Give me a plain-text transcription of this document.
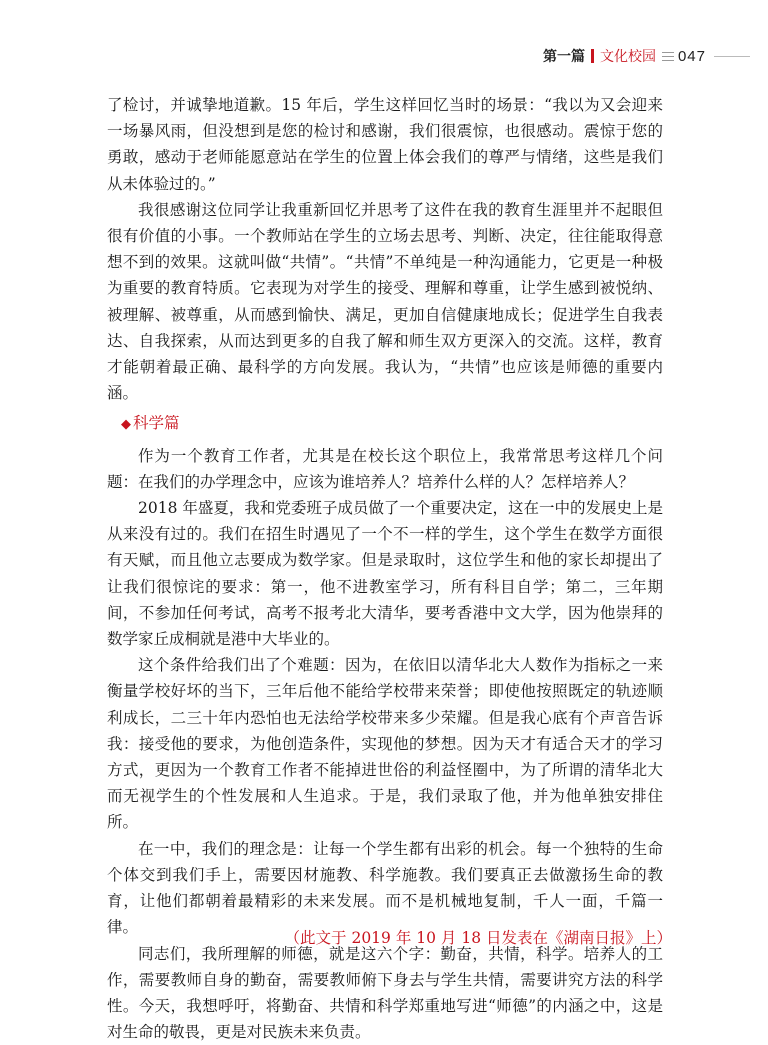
第一篇 文化校园 047

了检讨，并诚挚地道歉。15 年后，学生这样回忆当时的场景：“我以为又会迎来一场暴风雨，但没想到是您的检讨和感谢，我们很震惊，也很感动。震惊于您的勇敢，感动于老师能愿意站在学生的位置上体会我们的尊严与情绪，这些是我们从未体验过的。”

我很感谢这位同学让我重新回忆并思考了这件在我的教育生涯里并不起眼但很有价值的小事。一个教师站在学生的立场去思考、判断、决定，往往能取得意想不到的效果。这就叫做“共情”。“共情”不单纯是一种沟通能力，它更是一种极为重要的教育特质。它表现为对学生的接受、理解和尊重，让学生感到被悦纳、被理解、被尊重，从而感到愉快、满足，更加自信健康地成长；促进学生自我表达、自我探索，从而达到更多的自我了解和师生双方更深入的交流。这样，教育才能朝着最正确、最科学的方向发展。我认为，“共情”也应该是师德的重要内涵。

◆ 科学篇

作为一个教育工作者，尤其是在校长这个职位上，我常常思考这样几个问题：在我们的办学理念中，应该为谁培养人？培养什么样的人？怎样培养人？

2018 年盛夏，我和党委班子成员做了一个重要决定，这在一中的发展史上是从来没有过的。我们在招生时遇见了一个不一样的学生，这个学生在数学方面很有天赋，而且他立志要成为数学家。但是录取时，这位学生和他的家长却提出了让我们很惊诧的要求：第一，他不进教室学习，所有科目自学；第二，三年期间，不参加任何考试，高考不报考北大清华，要考香港中文大学，因为他崇拜的数学家丘成桐就是港中大毕业的。

这个条件给我们出了个难题：因为，在依旧以清华北大人数作为指标之一来衡量学校好坏的当下，三年后他不能给学校带来荣誉；即使他按照既定的轨迹顺利成长，二三十年内恐怕也无法给学校带来多少荣耀。但是我心底有个声音告诉我：接受他的要求，为他创造条件，实现他的梦想。因为天才有适合天才的学习方式，更因为一个教育工作者不能掉进世俗的利益怪圈中，为了所谓的清华北大而无视学生的个性发展和人生追求。于是，我们录取了他，并为他单独安排住所。

在一中，我们的理念是：让每一个学生都有出彩的机会。每一个独特的生命个体交到我们手上，需要因材施教、科学施教。我们要真正去做激扬生命的教育，让他们都朝着最精彩的未来发展。而不是机械地复制，千人一面，千篇一律。

同志们，我所理解的师德，就是这六个字：勤奋，共情，科学。培养人的工作，需要教师自身的勤奋，需要教师俯下身去与学生共情，需要讲究方法的科学性。今天，我想呼吁，将勤奋、共情和科学郑重地写进“师德”的内涵之中，这是对生命的敬畏，更是对民族未来负责。

（此文于 2019 年 10 月 18 日发表在《湖南日报》上）
